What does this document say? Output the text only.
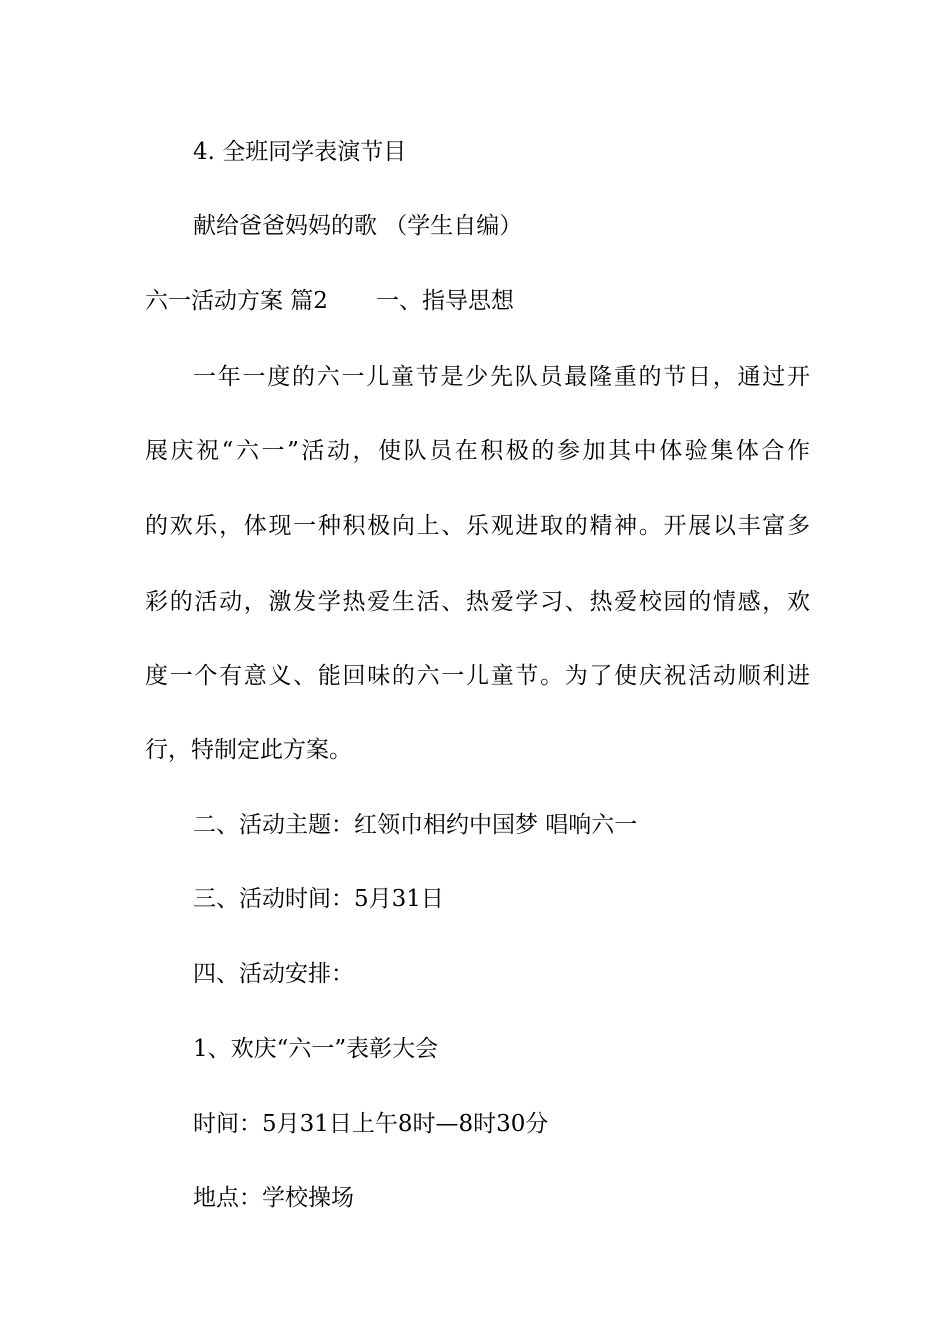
4. 全班同学表演节目
献给爸爸妈妈的歌 （学生自编）
六一活动方案 篇2 一、指导思想
一年一度的六一儿童节是少先队员最隆重的节日，通过开
展庆祝“六一”活动，使队员在积极的参加其中体验集体合作
的欢乐，体现一种积极向上、乐观进取的精神。开展以丰富多
彩的活动，激发学热爱生活、热爱学习、热爱校园的情感，欢
度一个有意义、能回味的六一儿童节。为了使庆祝活动顺利进
行，特制定此方案。
二、活动主题：红领巾相约中国梦 唱响六一
三、活动时间：5月31日
四、活动安排：
1、欢庆“六一”表彰大会
时间：5月31日上午8时—8时30分
地点：学校操场
